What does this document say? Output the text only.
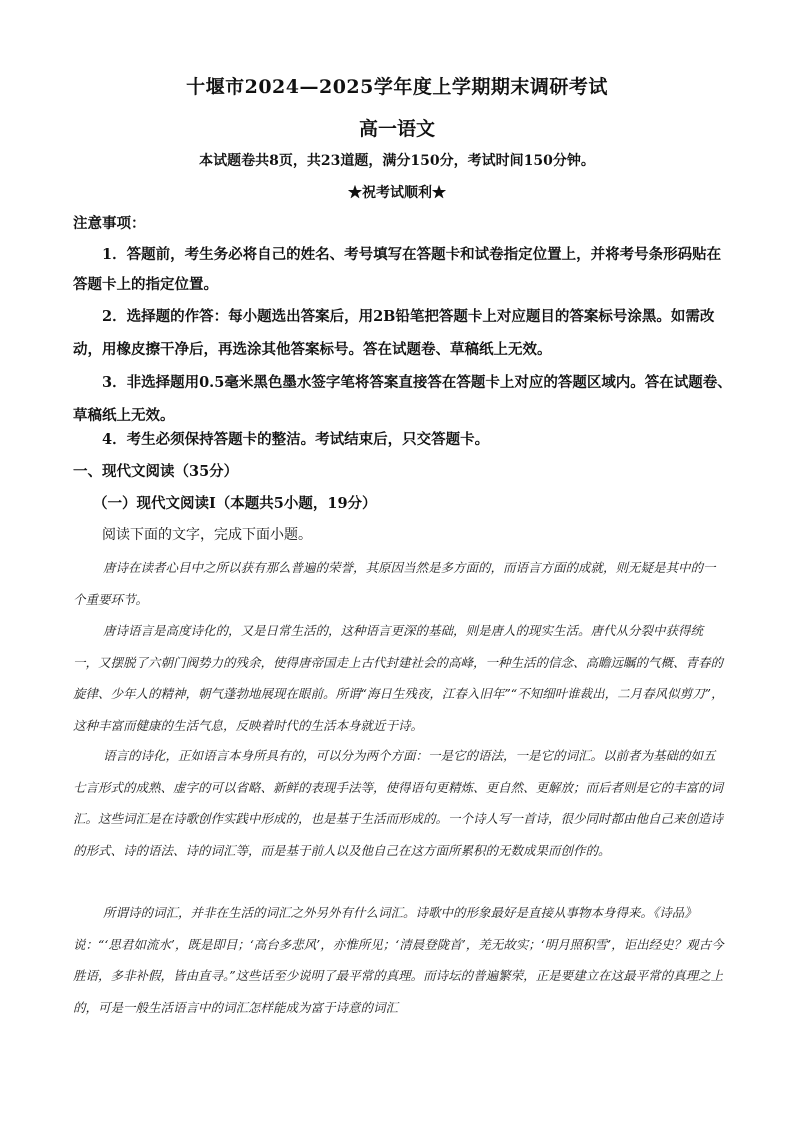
十堰市2024—2025学年度上学期期末调研考试
高一语文
本试题卷共8页，共23道题，满分150分，考试时间150分钟。
★祝考试顺利★
注意事项：
1．答题前，考生务必将自己的姓名、考号填写在答题卡和试卷指定位置上，并将考号条形码贴在答题卡上的指定位置。
2．选择题的作答：每小题选出答案后，用2B铅笔把答题卡上对应题目的答案标号涂黑。如需改动，用橡皮擦干净后，再选涂其他答案标号。答在试题卷、草稿纸上无效。
3．非选择题用0.5毫米黑色墨水签字笔将答案直接答在答题卡上对应的答题区域内。答在试题卷、草稿纸上无效。
4．考生必须保持答题卡的整洁。考试结束后，只交答题卡。
一、现代文阅读（35分）
（一）现代文阅读Ⅰ（本题共5小题，19分）
阅读下面的文字，完成下面小题。
唐诗在读者心目中之所以获有那么普遍的荣誉，其原因当然是多方面的，而语言方面的成就，则无疑是其中的一个重要环节。
唐诗语言是高度诗化的，又是日常生活的，这种语言更深的基础，则是唐人的现实生活。唐代从分裂中获得统一，又摆脱了六朝门阀势力的残余，使得唐帝国走上古代封建社会的高峰，一种生活的信念、高瞻远瞩的气概、青春的旋律、少年人的精神，朝气蓬勃地展现在眼前。所谓“海日生残夜，江春入旧年”“不知细叶谁裁出，二月春风似剪刀”，这种丰富而健康的生活气息，反映着时代的生活本身就近于诗。
语言的诗化，正如语言本身所具有的，可以分为两个方面：一是它的语法，一是它的词汇。以前者为基础的如五七言形式的成熟、虚字的可以省略、新鲜的表现手法等，使得语句更精炼、更自然、更解放；而后者则是它的丰富的词汇。这些词汇是在诗歌创作实践中形成的，也是基于生活而形成的。一个诗人写一首诗，很少同时都由他自己来创造诗的形式、诗的语法、诗的词汇等，而是基于前人以及他自己在这方面所累积的无数成果而创作的。
所谓诗的词汇，并非在生活的词汇之外另外有什么词汇。诗歌中的形象最好是直接从事物本身得来。《诗品》说：“‘思君如流水’，既是即目；‘高台多悲风’，亦惟所见；‘清晨登陇首’，羌无故实；‘明月照积雪’，讵出经史？观古今胜语，多非补假，皆由直寻。”这些话至少说明了最平常的真理。而诗坛的普遍繁荣，正是要建立在这最平常的真理之上的，可是一般生活语言中的词汇怎样能成为富于诗意的词汇
